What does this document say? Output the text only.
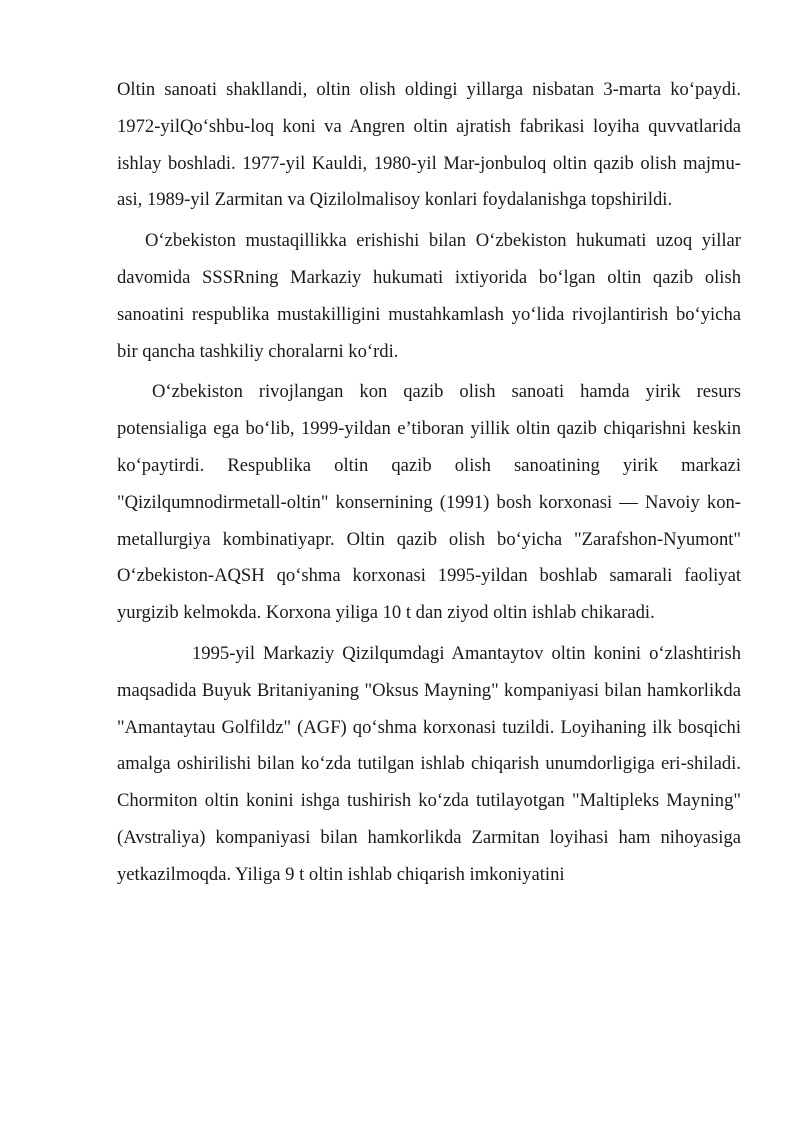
Oltin sanoati shakllandi, oltin olish oldingi yillarga nisbatan 3-marta ko‘paydi. 1972-yilQo‘shbu-loq koni va Angren oltin ajratish fabrikasi loyiha quvvatlarida ishlay boshladi. 1977-yil Kauldi, 1980-yil Mar-jonbuloq oltin qazib olish majmu-asi, 1989-yil Zarmitan va Qizilolmalisoy konlari foydalanishga topshirildi.

O‘zbekiston mustaqillikka erishishi bilan O‘zbekiston hukumati uzoq yillar davomida SSSRning Markaziy hukumati ixtiyorida bo‘lgan oltin qazib olish sanoatini respublika mustakilligini mustahkamlash yo‘lida rivojlantirish bo‘yicha bir qancha tashkiliy choralarni ko‘rdi.

O‘zbekiston rivojlangan kon qazib olish sanoati hamda yirik resurs potensialiga ega bo‘lib, 1999-yildan e’tiboran yillik oltin qazib chiqarishni keskin ko‘paytirdi. Respublika oltin qazib olish sanoatining yirik markazi "Qizilqumnodirmetall-oltin" konsernining (1991) bosh korxonasi — Navoiy kon-metallurgiya kombinatiyapr. Oltin qazib olish bo‘yicha "Zarafshon-Nyumont" O‘zbekiston-AQSH qo‘shma korxonasi 1995-yildan boshlab samarali faoliyat yurgizib kelmokda. Korxona yiliga 10 t dan ziyod oltin ishlab chikaradi.

1995-yil Markaziy Qizilqumdagi Amantaytov oltin konini o‘zlashtirish maqsadida Buyuk Britaniyaning "Oksus Mayning" kompaniyasi bilan hamkorlikda "Amantaytau Golfildz" (AGF) qo‘shma korxonasi tuzildi. Loyihaning ilk bosqichi amalga oshirilishi bilan ko‘zda tutilgan ishlab chiqarish unumdorligiga eri-shiladi. Chormiton oltin konini ishga tushirish ko‘zda tutilayotgan "Maltipleks Mayning" (Avstraliya) kompaniyasi bilan hamkorlikda Zarmitan loyihasi ham nihoyasiga yetkazilmoqda. Yiliga 9 t oltin ishlab chiqarish imkoniyatini
